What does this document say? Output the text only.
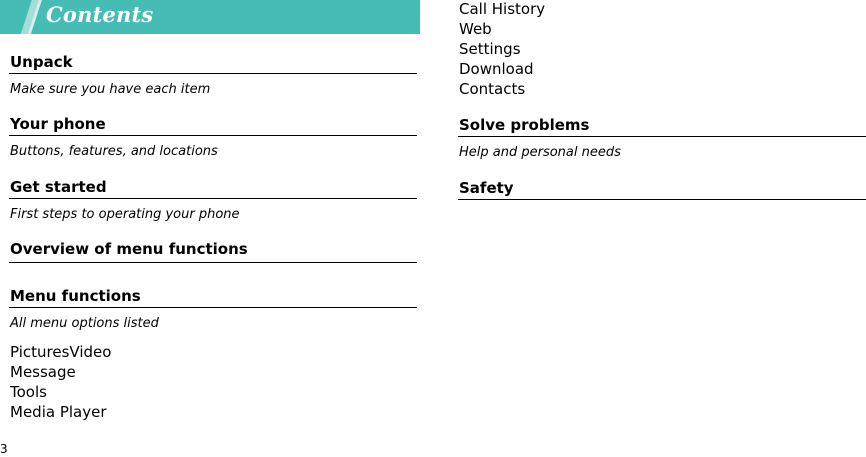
Contents
Unpack
Make sure you have each item
Your phone
Buttons, features, and locations
Get started
First steps to operating your phone
Overview of menu functions
Menu functions
All menu options listed
PicturesVideo
Message
Tools
Media Player
Call History
Web
Settings
Download
Contacts
Solve problems
Help and personal needs
Safety
3
